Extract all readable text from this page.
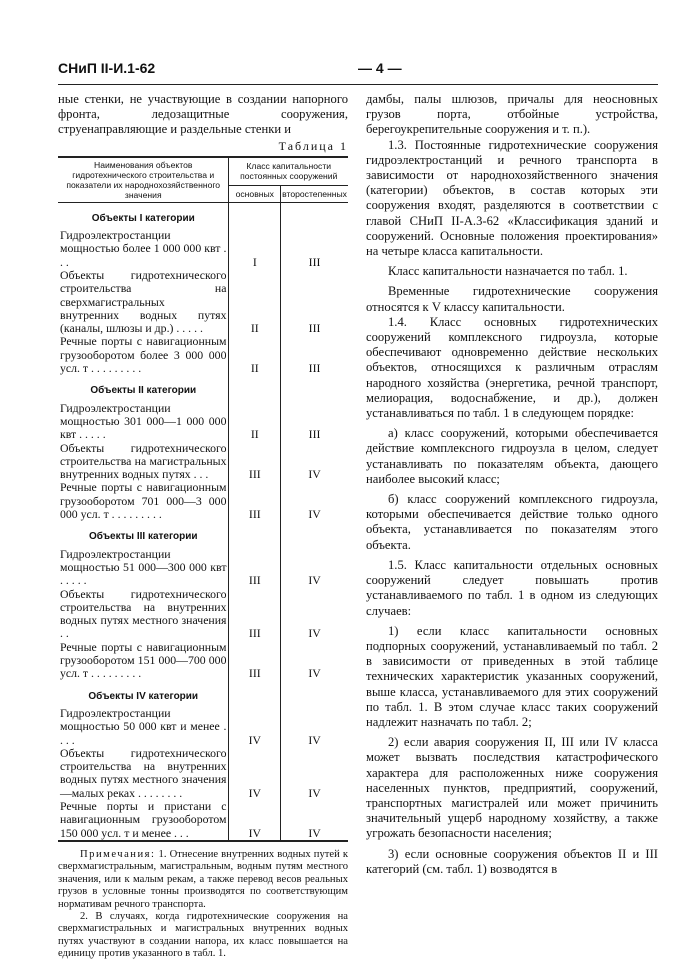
СНиП II-И.1-62	— 4 —

ные стенки, не участвующие в создании напорного фронта, ледозащитные сооружения, струенаправляющие и раздельные стенки и

Таблица 1
Наименования объектов гидротехнического строительства и показатели их народнохозяйственного значения	Класс капитальности постоянных сооружений	
	основных	второстепенных
Объекты I категории		
Гидроэлектростанции мощностью более 1 000 000 квт . . .	I	III
Объекты гидротехнического строительства на сверхмагистральных внутренних водных путях (каналы, шлюзы и др.) . . . . .	II	III
Речные порты с навигационным грузооборотом более 3 000 000 усл. т . . . . . . . . .	II	III
Объекты II категории		
Гидроэлектростанции мощностью 301 000—1 000 000 квт . . . . .	II	III
Объекты гидротехнического строительства на магистральных внутренних водных путях . . .	III	IV
Речные порты с навигационным грузооборотом 701 000—3 000 000 усл. т . . . . . . . . .	III	IV
Объекты III категории		
Гидроэлектростанции мощностью 51 000—300 000 квт . . . . .	III	IV
Объекты гидротехнического строительства на внутренних водных путях местного значения . .	III	IV
Речные порты с навигационным грузооборотом 151 000—700 000 усл. т . . . . . . . . .	III	IV
Объекты IV категории		
Гидроэлектростанции мощностью 50 000 квт и менее . . . .	IV	IV
Объекты гидротехнического строительства на внутренних водных путях местного значения—малых реках . . . . . . . .	IV	IV
Речные порты и пристани с навигационным грузооборотом 150 000 усл. т и менее . . .	IV	IV

Примечания: 1. Отнесение внутренних водных путей к сверхмагистральным, магистральным, водным путям местного значения, или к малым рекам, а также перевод весов реальных грузов в условные тонны производятся по соответствующим нормативам речного транспорта.

2. В случаях, когда гидротехнические сооружения на сверхмагистральных и магистральных внутренних водных путях участвуют в создании напора, их класс повышается на единицу против указанного в табл. 1.

дамбы, палы шлюзов, причалы для неосновных грузов порта, отбойные устройства, берегоукрепительные сооружения и т. п.).

1.3. Постоянные гидротехнические сооружения гидроэлектростанций и речного транспорта в зависимости от народнохозяйственного значения (категории) объектов, в состав которых эти сооружения входят, разделяются в соответствии с главой СНиП II-А.3-62 «Классификация зданий и сооружений. Основные положения проектирования» на четыре класса капитальности.

Класс капитальности назначается по табл. 1.

Временные гидротехнические сооружения относятся к V классу капитальности.

1.4. Класс основных гидротехнических сооружений комплексного гидроузла, которые обеспечивают одновременно действие нескольких объектов, относящихся к различным отраслям народного хозяйства (энергетика, речной транспорт, мелиорация, водоснабжение, и др.), должен устанавливаться по табл. 1 в следующем порядке:

а) класс сооружений, которыми обеспечивается действие комплексного гидроузла в целом, следует устанавливать по показателям объекта, дающего наиболее высокий класс;

б) класс сооружений комплексного гидроузла, которыми обеспечивается действие только одного объекта, устанавливается по показателям этого объекта.

1.5. Класс капитальности отдельных основных сооружений следует повышать против устанавливаемого по табл. 1 в одном из следующих случаев:

1) если класс капитальности основных подпорных сооружений, устанавливаемый по табл. 2 в зависимости от приведенных в этой таблице технических характеристик указанных сооружений, выше класса, устанавливаемого для этих сооружений по табл. 1. В этом случае класс таких сооружений надлежит назначать по табл. 2;

2) если авария сооружения II, III или IV класса может вызвать последствия катастрофического характера для расположенных ниже сооружения населенных пунктов, предприятий, сооружений, транспортных магистралей или может причинить значительный ущерб народному хозяйству, а также угрожать безопасности населения;

3) если основные сооружения объектов II и III категорий (см. табл. 1) возводятся в
